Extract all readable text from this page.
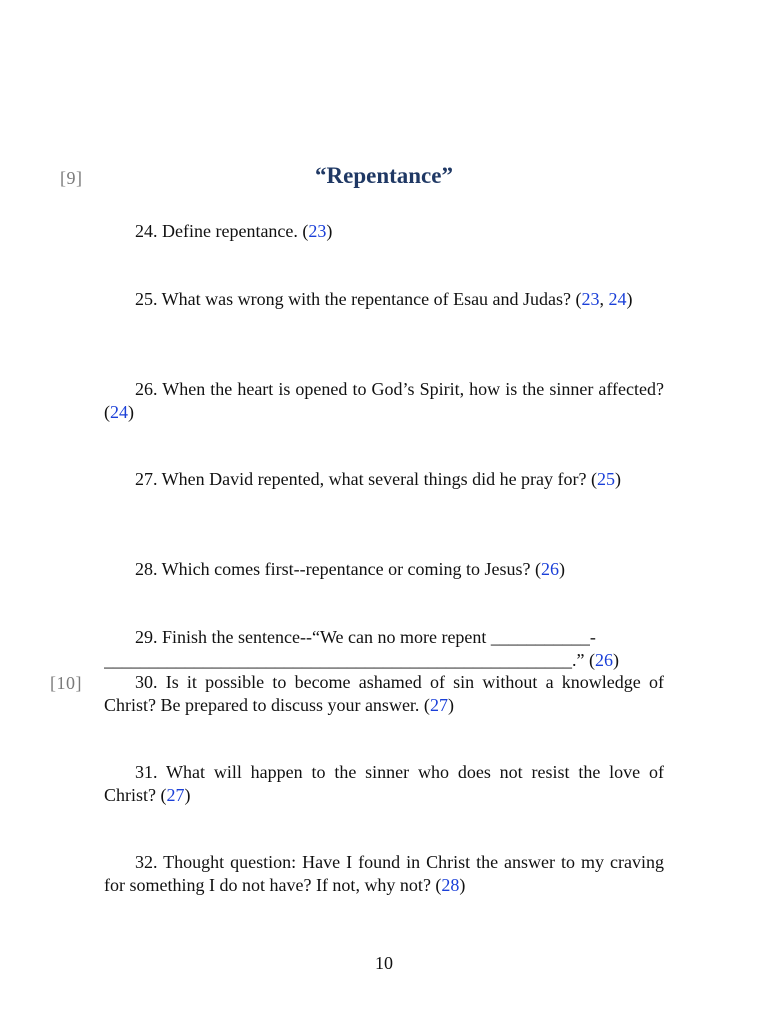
[9]
[10]
“Repentance”
24. Define repentance. (23)
25. What was wrong with the repentance of Esau and Judas? (23, 24)
26. When the heart is opened to God’s Spirit, how is the sinner affected? (24)
27. When David repented, what several things did he pray for? (25)
28. Which comes first--repentance or coming to Jesus? (26)
29. Finish the sentence--“We can no more repent ___________-
____________________________________________________.” (26)
30. Is it possible to become ashamed of sin without a knowledge of Christ? Be prepared to discuss your answer. (27)
31. What will happen to the sinner who does not resist the love of Christ? (27)
32. Thought question: Have I found in Christ the answer to my craving for something I do not have? If not, why not? (28)
10
